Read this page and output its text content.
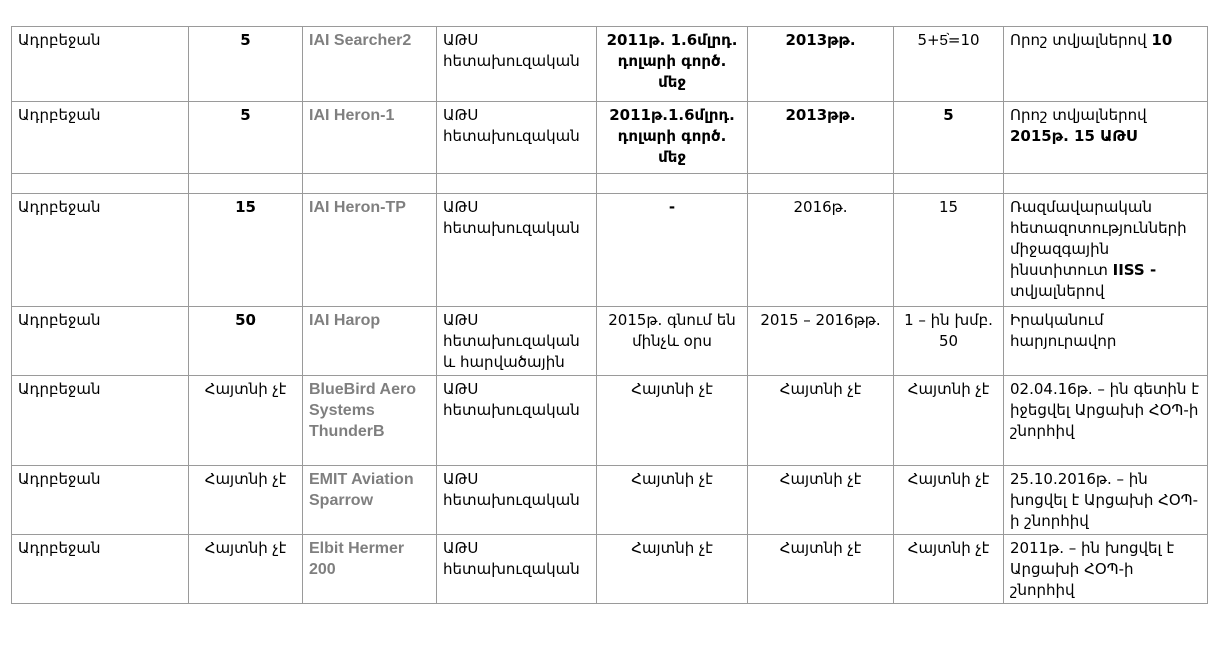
Ադրբեջան	5	IAI Searcher2	ԱԹՍ հետախուզական	2011թ. 1.6մլրդ. դոլարի գործ. մեջ	2013թթ.	5+5֨=10	Որոշ տվյալներով 10
Ադրբեջան	5	IAI Heron-1	ԱԹՍ հետախուզական	2011թ.1.6մլրդ. դոլարի գործ. մեջ	2013թթ.	5	Որոշ տվյալներով 2015թ. 15 ԱԹՍ

Ադրբեջան	15	IAI Heron-TP	ԱԹՍ հետախուզական	-	2016թ.	15	Ռազմավարական հետազոտությունների միջազգային ինստիտուտ IISS - տվյալներով
Ադրբեջան	50	IAI Harop	ԱԹՍ հետախուզական և հարվածային	2015թ. գնում են մինչև օրս	2015 – 2016թթ.	1 – ին խմբ. 50	Իրականում հարյուրավոր
Ադրբեջան	Հայտնի չէ	BlueBird Aero Systems ThunderB	ԱԹՍ հետախուզական	Հայտնի չէ	Հայտնի չէ	Հայտնի չէ	02.04.16թ. – ին գետին է իջեցվել Արցախի ՀՕՊ-ի շնորհիվ
Ադրբեջան	Հայտնի չէ	EMIT Aviation Sparrow	ԱԹՍ հետախուզական	Հայտնի չէ	Հայտնի չէ	Հայտնի չէ	25.10.2016թ. – ին խոցվել է Արցախի ՀՕՊ-ի շնորհիվ
Ադրբեջան	Հայտնի չէ	Elbit Hermer 200	ԱԹՍ հետախուզական	Հայտնի չէ	Հայտնի չէ	Հայտնի չէ	2011թ. – ին խոցվել է Արցախի ՀՕՊ-ի շնորհիվ
